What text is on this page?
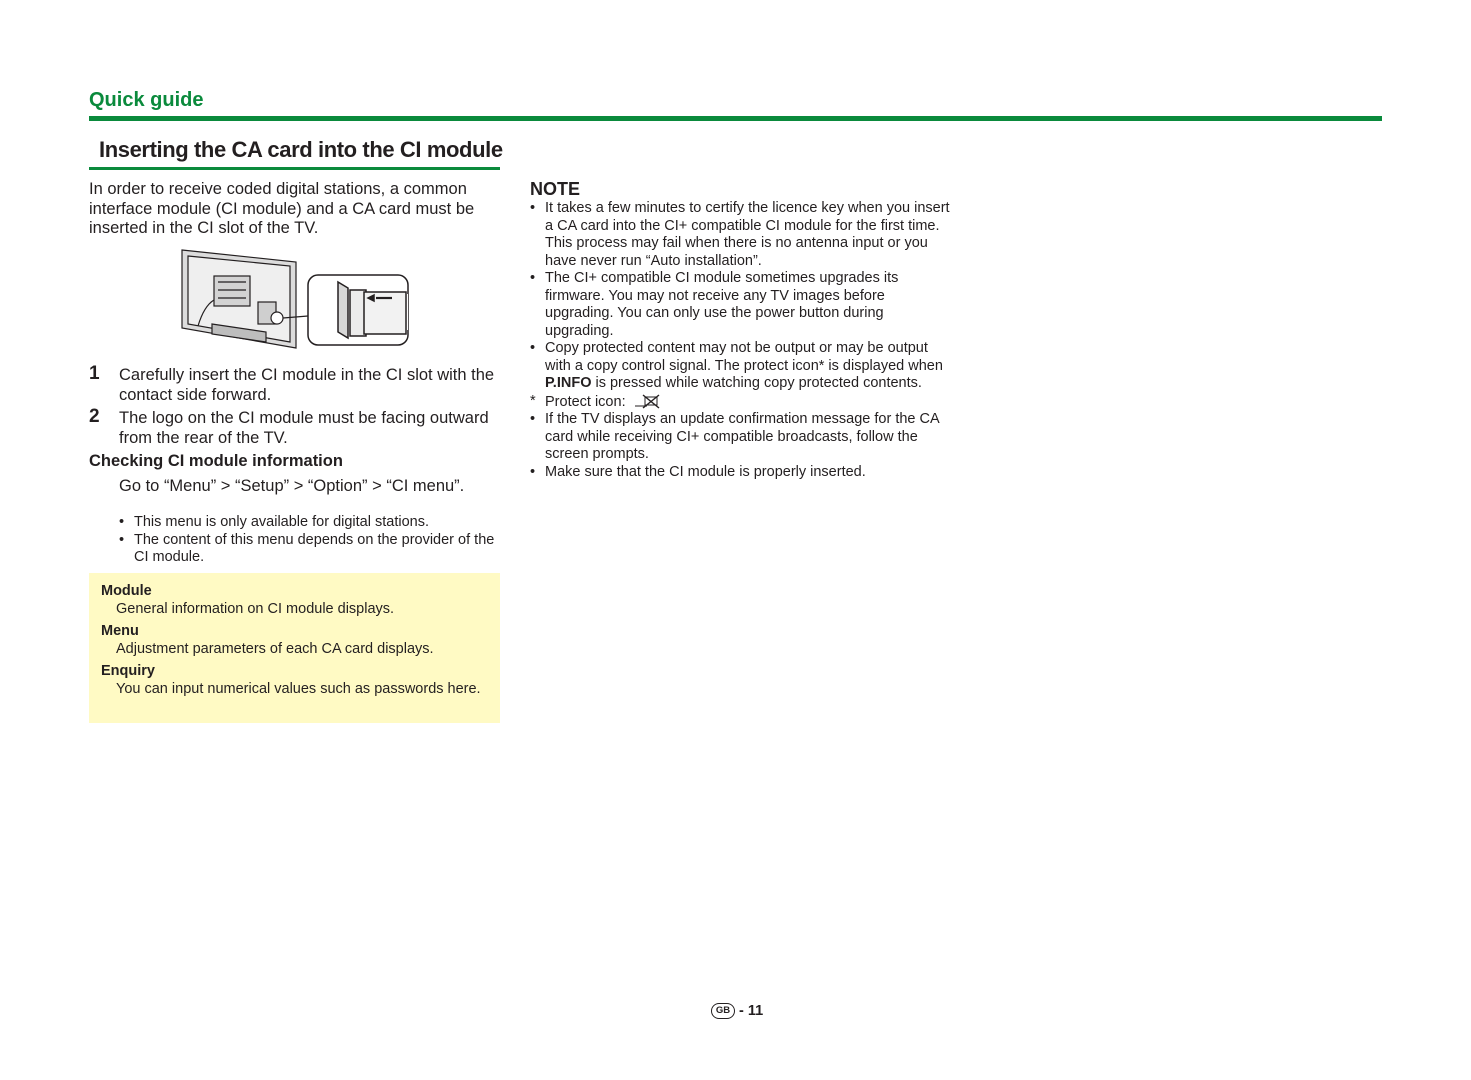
Quick guide
Inserting the CA card into the CI module
In order to receive coded digital stations, a common interface module (CI module) and a CA card must be inserted in the CI slot of the TV.
1 Carefully insert the CI module in the CI slot with the contact side forward.
2 The logo on the CI module must be facing outward from the rear of the TV.
Checking CI module information
Go to “Menu” > “Setup” > “Option” > “CI menu”.
• This menu is only available for digital stations.
• The content of this menu depends on the provider of the CI module.
Module
General information on CI module displays.
Menu
Adjustment parameters of each CA card displays.
Enquiry
You can input numerical values such as passwords here.
NOTE
• It takes a few minutes to certify the licence key when you insert a CA card into the CI+ compatible CI module for the first time. This process may fail when there is no antenna input or you have never run “Auto installation”.
• The CI+ compatible CI module sometimes upgrades its firmware. You may not receive any TV images before upgrading. You can only use the power button during upgrading.
• Copy protected content may not be output or may be output with a copy control signal. The protect icon* is displayed when P.INFO is pressed while watching copy protected contents.
* Protect icon:
• If the TV displays an update confirmation message for the CA card while receiving CI+ compatible broadcasts, follow the screen prompts.
• Make sure that the CI module is properly inserted.
GB - 11
